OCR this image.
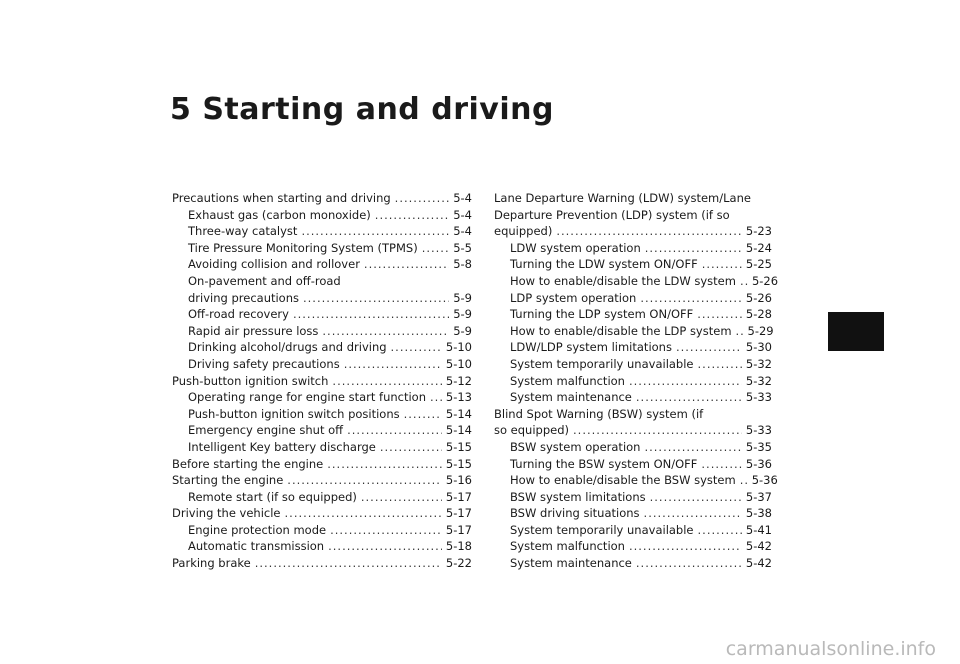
5 Starting and driving
Precautions when starting and driving .....	5-4
Exhaust gas (carbon monoxide) .....	5-4
Three-way catalyst .....	5-4
Tire Pressure Monitoring System (TPMS) .....	5-5
Avoiding collision and rollover .....	5-8
On-pavement and off-road
driving precautions .....	5-9
Off-road recovery .....	5-9
Rapid air pressure loss .....	5-9
Drinking alcohol/drugs and driving .....	5-10
Driving safety precautions .....	5-10
Push-button ignition switch .....	5-12
Operating range for engine start function ..... 5-13
Push-button ignition switch positions .....	5-14
Emergency engine shut off .....	5-14
Intelligent Key battery discharge .....	5-15
Before starting the engine .....	5-15
Starting the engine .....	5-16
Remote start (if so equipped) .....	5-17
Driving the vehicle .....	5-17
Engine protection mode .....	5-17
Automatic transmission .....	5-18
Parking brake .....	5-22
Lane Departure Warning (LDW) system/Lane
Departure Prevention (LDP) system (if so
equipped) .....	5-23
LDW system operation .....	5-24
Turning the LDW system ON/OFF .....	5-25
How to enable/disable the LDW system ..... 5-26
LDP system operation .....	5-26
Turning the LDP system ON/OFF .....	5-28
How to enable/disable the LDP system ..... 5-29
LDW/LDP system limitations .....	5-30
System temporarily unavailable .....	5-32
System malfunction .....	5-32
System maintenance .....	5-33
Blind Spot Warning (BSW) system (if
so equipped) .....	5-33
BSW system operation .....	5-35
Turning the BSW system ON/OFF .....	5-36
How to enable/disable the BSW system ..... 5-36
BSW system limitations .....	5-37
BSW driving situations .....	5-38
System temporarily unavailable .....	5-41
System malfunction .....	5-42
System maintenance .....	5-42
carmanualsonline.info
